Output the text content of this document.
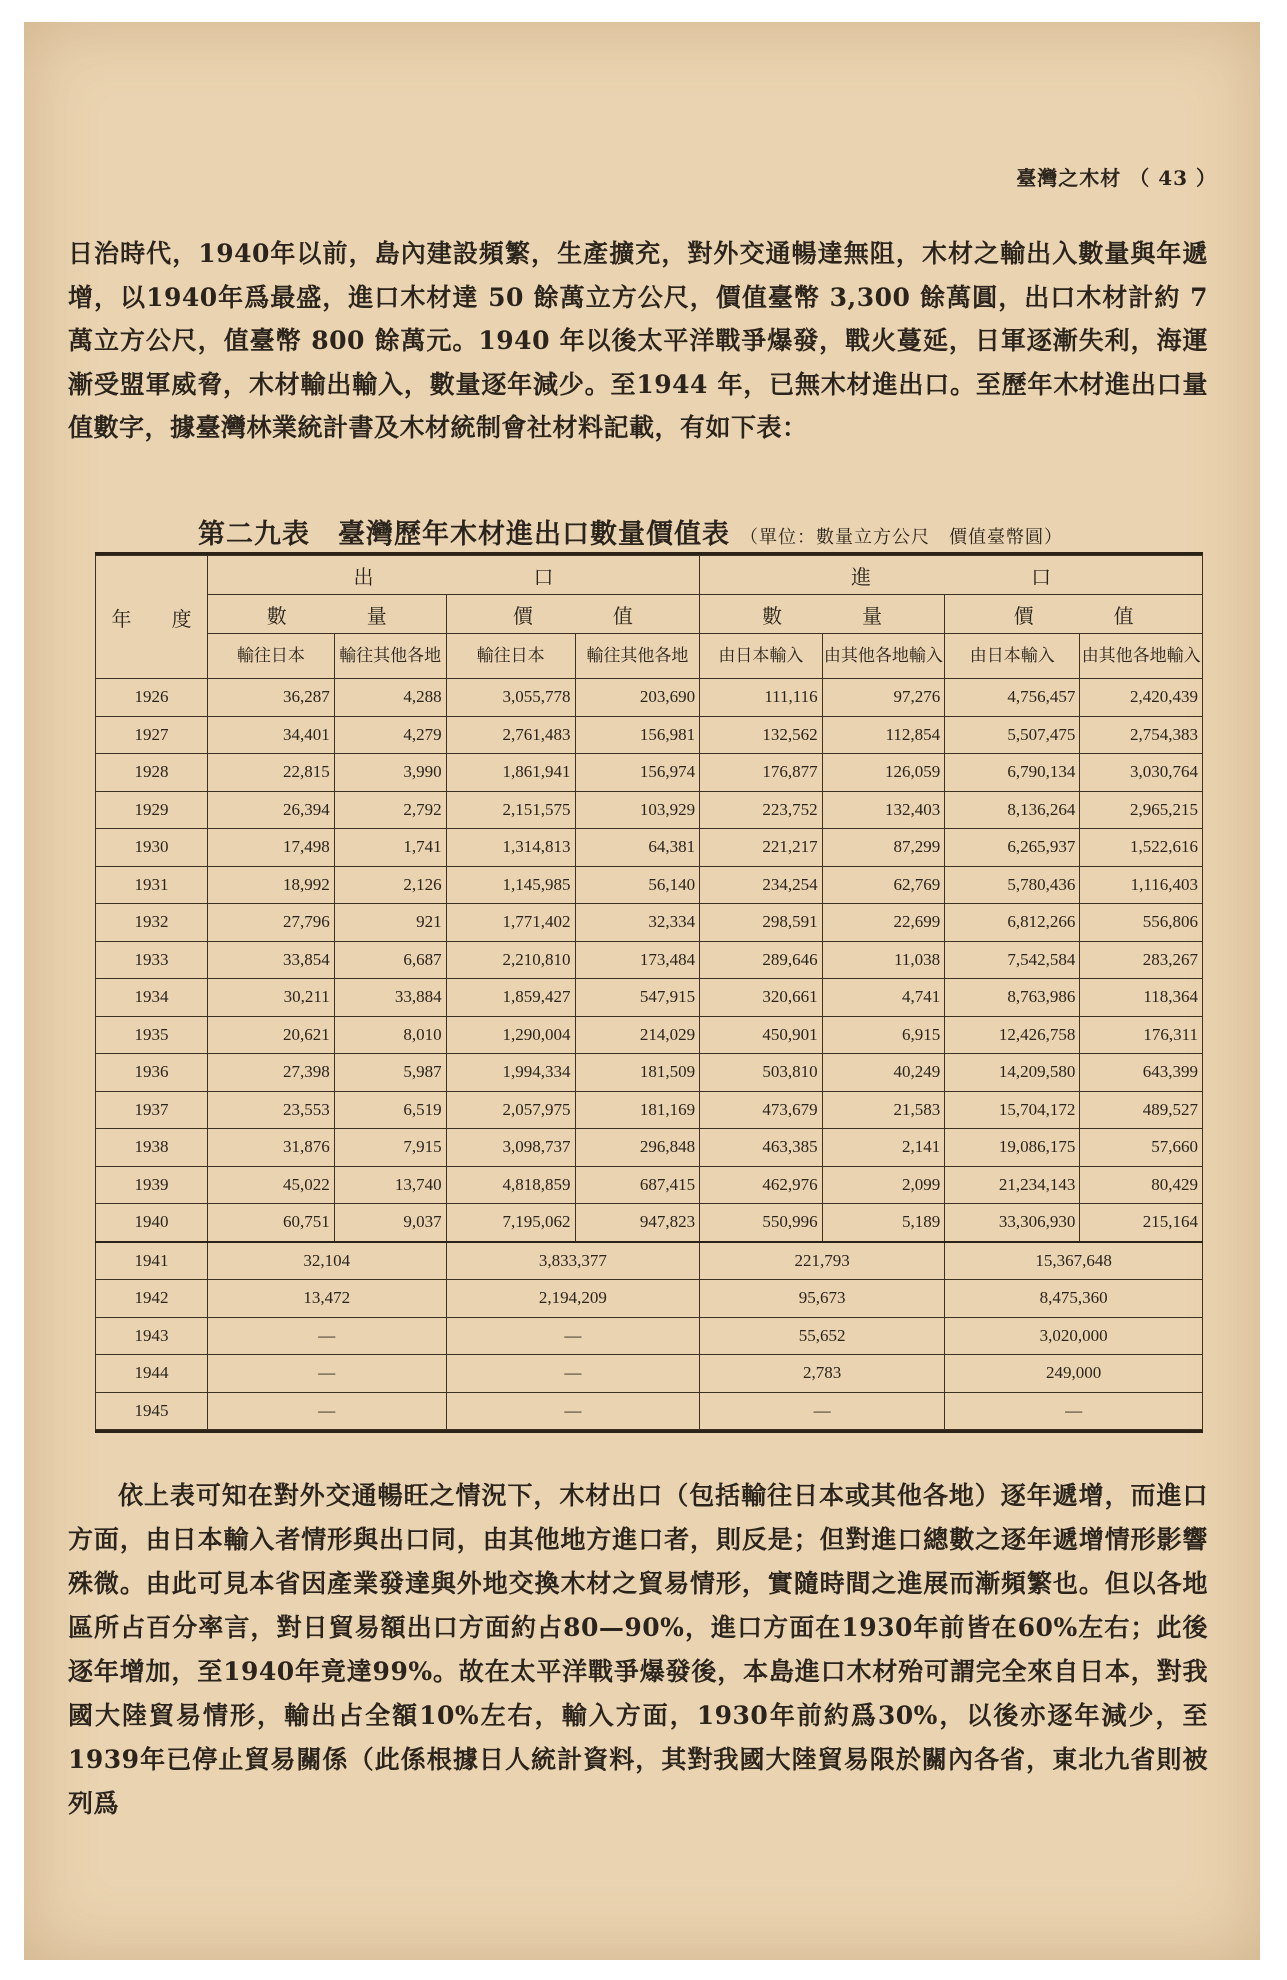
臺灣之木材 （ 43 ）

日治時代，1940年以前，島內建設頻繁，生產擴充，對外交通暢達無阻，木材之輸出入數量與年遞增，以1940年爲最盛，進口木材達 50 餘萬立方公尺，價值臺幣 3,300 餘萬圓，出口木材計約 7 萬立方公尺，值臺幣 800 餘萬元。1940 年以後太平洋戰爭爆發，戰火蔓延，日軍逐漸失利，海運漸受盟軍威脅，木材輸出輸入，數量逐年減少。至1944 年，已無木材進出口。至歷年木材進出口量值數字，據臺灣林業統計書及木材統制會社材料記載，有如下表：

第二九表　臺灣歷年木材進出口數量價值表 （單位：數量立方公尺　價值臺幣圓）
年　　度	出　　　　　　　　口				進　　　　　　　　口			
	數　　　　量		價　　　　值		數　　　　量		價　　　　值	
	輸往日本	輸往其他各地	輸往日本	輸往其他各地	由日本輸入	由其他各地輸入	由日本輸入	由其他各地輸入
1926	36,287	4,288	3,055,778	203,690	111,116	97,276	4,756,457	2,420,439
1927	34,401	4,279	2,761,483	156,981	132,562	112,854	5,507,475	2,754,383
1928	22,815	3,990	1,861,941	156,974	176,877	126,059	6,790,134	3,030,764
1929	26,394	2,792	2,151,575	103,929	223,752	132,403	8,136,264	2,965,215
1930	17,498	1,741	1,314,813	64,381	221,217	87,299	6,265,937	1,522,616
1931	18,992	2,126	1,145,985	56,140	234,254	62,769	5,780,436	1,116,403
1932	27,796	921	1,771,402	32,334	298,591	22,699	6,812,266	556,806
1933	33,854	6,687	2,210,810	173,484	289,646	11,038	7,542,584	283,267
1934	30,211	33,884	1,859,427	547,915	320,661	4,741	8,763,986	118,364
1935	20,621	8,010	1,290,004	214,029	450,901	6,915	12,426,758	176,311
1936	27,398	5,987	1,994,334	181,509	503,810	40,249	14,209,580	643,399
1937	23,553	6,519	2,057,975	181,169	473,679	21,583	15,704,172	489,527
1938	31,876	7,915	3,098,737	296,848	463,385	2,141	19,086,175	57,660
1939	45,022	13,740	4,818,859	687,415	462,976	2,099	21,234,143	80,429
1940	60,751	9,037	7,195,062	947,823	550,996	5,189	33,306,930	215,164
1941	32,104		3,833,377		221,793		15,367,648	
1942	13,472		2,194,209		95,673		8,475,360	
1943	—		—		55,652		3,020,000	
1944	—		—		2,783		249,000	
1945	—		—		—		—	

依上表可知在對外交通暢旺之情況下，木材出口（包括輸往日本或其他各地）逐年遞增，而進口方面，由日本輸入者情形與出口同，由其他地方進口者，則反是；但對進口總數之逐年遞增情形影響殊微。由此可見本省因產業發達與外地交換木材之貿易情形，實隨時間之進展而漸頻繁也。但以各地區所占百分率言，對日貿易額出口方面約占80—90%，進口方面在1930年前皆在60%左右；此後逐年增加，至1940年竟達99%。故在太平洋戰爭爆發後，本島進口木材殆可謂完全來自日本，對我國大陸貿易情形，輸出占全額10%左右，輸入方面，1930年前約爲30%，以後亦逐年減少，至1939年已停止貿易關係（此係根據日人統計資料，其對我國大陸貿易限於關內各省，東北九省則被列爲
